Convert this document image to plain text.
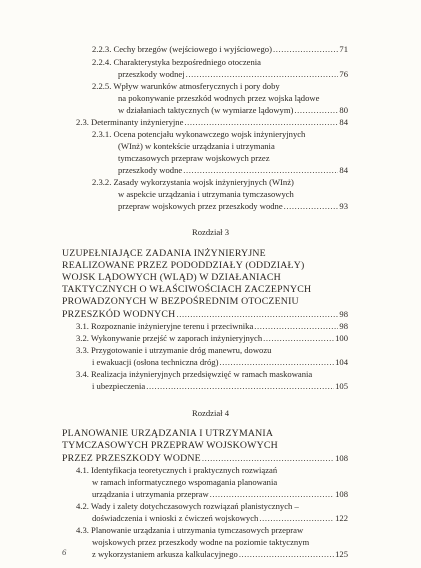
2.2.3. Cechy brzegów (wejściowego i wyjściowego) .....	71
2.2.4. Charakterystyka bezpośredniego otoczenia
przeszkody wodnej .....	76
2.2.5. Wpływ warunków atmosferycznych i pory doby
na pokonywanie przeszkód wodnych przez wojska lądowe
w działaniach taktycznych (w wymiarze lądowym) .....	80
2.3. Determinanty inżynieryjne .....	84
2.3.1. Ocena potencjału wykonawczego wojsk inżynieryjnych
(WInż) w kontekście urządzania i utrzymania
tymczasowych przepraw wojskowych przez
przeszkody wodne .....	84
2.3.2. Zasady wykorzystania wojsk inżynieryjnych (WInż)
w aspekcie urządzania i utrzymania tymczasowych
przepraw wojskowych przez przeszkody wodne .....	93
Rozdział 3
UZUPEŁNIAJĄCE ZADANIA INŻYNIERYJNE
REALIZOWANE PRZEZ PODODDZIAŁY (ODDZIAŁY)
WOJSK LĄDOWYCH (WLĄD) W DZIAŁANIACH
TAKTYCZNYCH O WŁAŚCIWOŚCIACH ZACZEPNYCH
PROWADZONYCH W BEZPOŚREDNIM OTOCZENIU
PRZESZKÓD WODNYCH .....	98
3.1. Rozpoznanie inżynieryjne terenu i przeciwnika .....	98
3.2. Wykonywanie przejść w zaporach inżynieryjnych .....	100
3.3. Przygotowanie i utrzymanie dróg manewru, dowozu
i ewakuacji (osłona techniczna dróg) .....	104
3.4. Realizacja inżynieryjnych przedsięwzięć w ramach maskowania
i ubezpieczenia .....	105
Rozdział 4
PLANOWANIE URZĄDZANIA I UTRZYMANIA
TYMCZASOWYCH PRZEPRAW WOJSKOWYCH
PRZEZ PRZESZKODY WODNE .....	108
4.1. Identyfikacja teoretycznych i praktycznych rozwiązań
w ramach informatycznego wspomagania planowania
urządzania i utrzymania przepraw .....	108
4.2. Wady i zalety dotychczasowych rozwiązań planistycznych –
doświadczenia i wnioski z ćwiczeń wojskowych .....	122
4.3. Planowanie urządzania i utrzymania tymczasowych przepraw
wojskowych przez przeszkody wodne na poziomie taktycznym
z wykorzystaniem arkusza kalkulacyjnego .....	125
6
